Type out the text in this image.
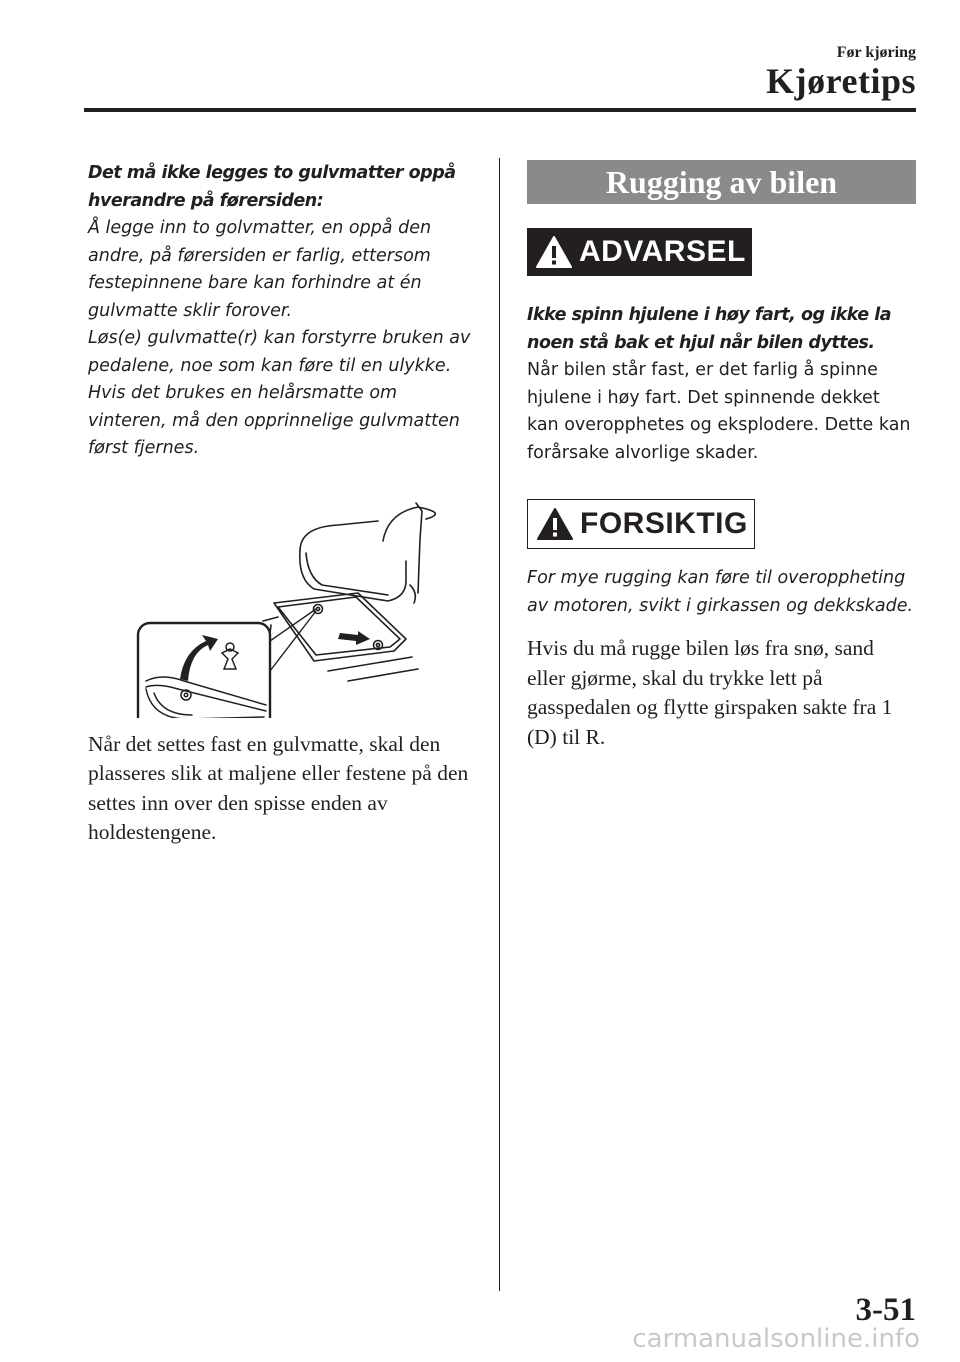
Før kjøring
Kjøretips

Det må ikke legges to gulvmatter oppå hverandre på førersiden:

Å legge inn to golvmatter, en oppå den andre, på førersiden er farlig, ettersom festepinnene bare kan forhindre at én gulvmatte sklir forover.
Løs(e) gulvmatte(r) kan forstyrre bruken av pedalene, noe som kan føre til en ulykke.
Hvis det brukes en helårsmatte om vinteren, må den opprinnelige gulvmatten først fjernes.

Når det settes fast en gulvmatte, skal den plasseres slik at maljene eller festene på den settes inn over den spisse enden av holdestengene.

Rugging av bilen
ADVARSEL

Ikke spinn hjulene i høy fart, og ikke la noen stå bak et hjul når bilen dyttes.

Når bilen står fast, er det farlig å spinne hjulene i høy fart. Det spinnende dekket kan overopphetes og eksplodere. Dette kan forårsake alvorlige skader.

FORSIKTIG

For mye rugging kan føre til overoppheting av motoren, svikt i girkassen og dekkskade.

Hvis du må rugge bilen løs fra snø, sand eller gjørme, skal du trykke lett på gasspedalen og flytte girspaken sakte fra 1 (D) til R.

3-51
carmanualsonline.info
